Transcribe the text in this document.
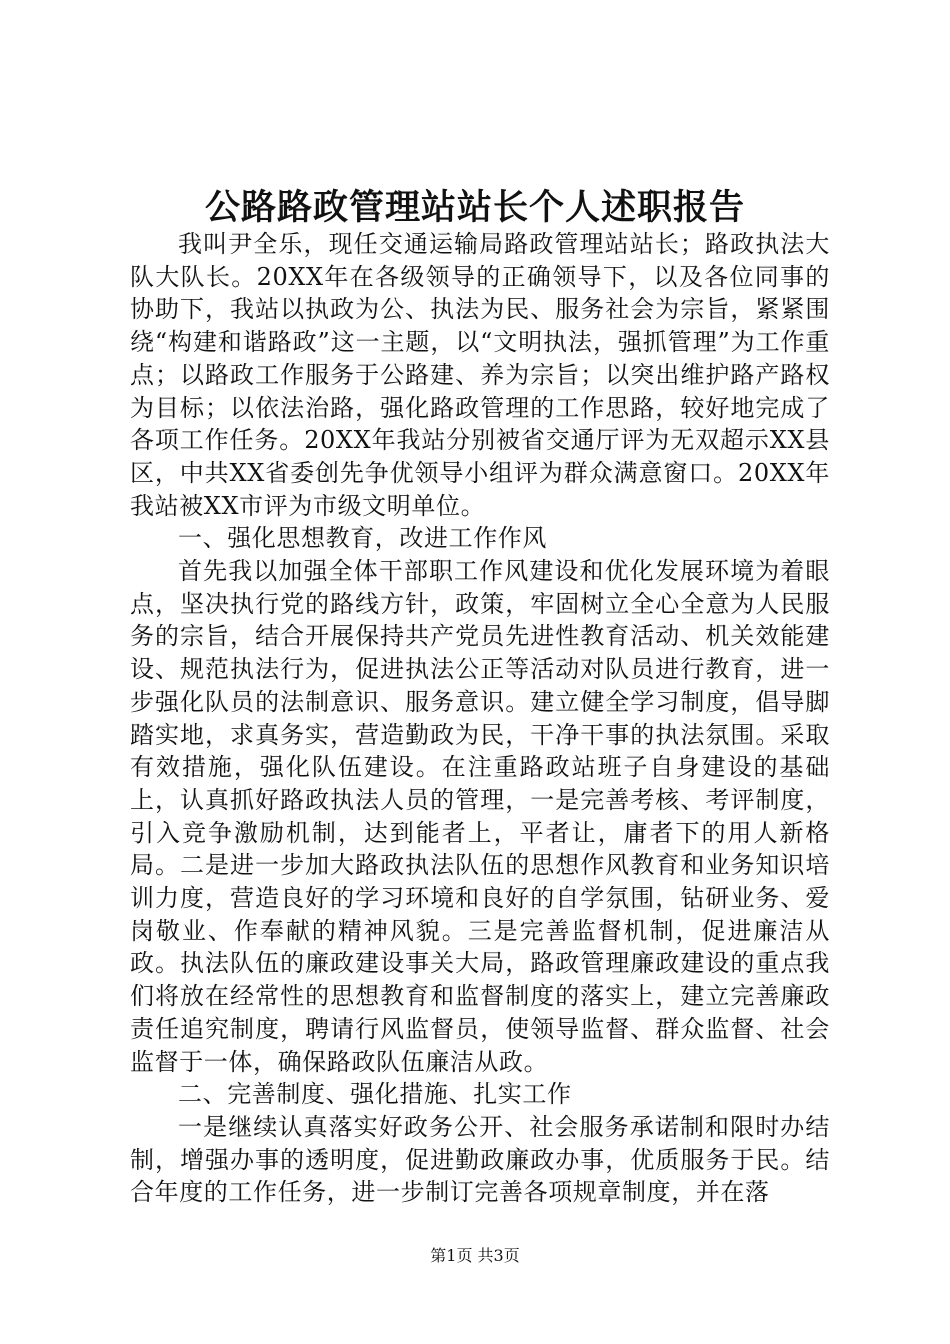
公路路政管理站站长个人述职报告

我叫尹全乐，现任交通运输局路政管理站站长；路政执法大队大队长。20XX年在各级领导的正确领导下，以及各位同事的协助下，我站以执政为公、执法为民、服务社会为宗旨，紧紧围绕“构建和谐路政”这一主题，以“文明执法，强抓管理”为工作重点；以路政工作服务于公路建、养为宗旨；以突出维护路产路权为目标；以依法治路，强化路政管理的工作思路，较好地完成了各项工作任务。20XX年我站分别被省交通厅评为无双超示XX县区，中共XX省委创先争优领导小组评为群众满意窗口。20XX年我站被XX市评为市级文明单位。

一、强化思想教育，改进工作作风

首先我以加强全体干部职工作风建设和优化发展环境为着眼点，坚决执行党的路线方针，政策，牢固树立全心全意为人民服务的宗旨，结合开展保持共产党员先进性教育活动、机关效能建设、规范执法行为，促进执法公正等活动对队员进行教育，进一步强化队员的法制意识、服务意识。建立健全学习制度，倡导脚踏实地，求真务实，营造勤政为民，干净干事的执法氛围。采取有效措施，强化队伍建设。在注重路政站班子自身建设的基础上，认真抓好路政执法人员的管理，一是完善考核、考评制度，引入竞争激励机制，达到能者上，平者让，庸者下的用人新格局。二是进一步加大路政执法队伍的思想作风教育和业务知识培训力度，营造良好的学习环境和良好的自学氛围，钻研业务、爱岗敬业、作奉献的精神风貌。三是完善监督机制，促进廉洁从政。执法队伍的廉政建设事关大局，路政管理廉政建设的重点我们将放在经常性的思想教育和监督制度的落实上，建立完善廉政责任追究制度，聘请行风监督员，使领导监督、群众监督、社会监督于一体，确保路政队伍廉洁从政。

二、完善制度、强化措施、扎实工作

一是继续认真落实好政务公开、社会服务承诺制和限时办结制，增强办事的透明度，促进勤政廉政办事，优质服务于民。结合年度的工作任务，进一步制订完善各项规章制度，并在落

第1页 共3页
